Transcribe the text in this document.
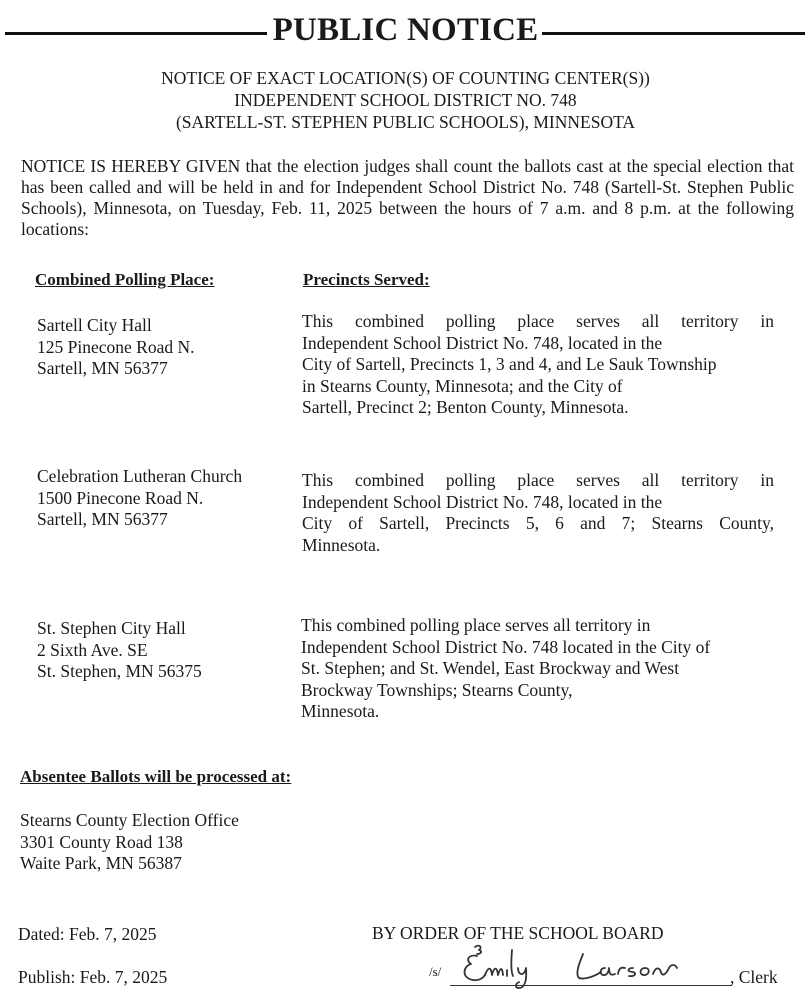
PUBLIC NOTICE
NOTICE OF EXACT LOCATION(S) OF COUNTING CENTER(S))
INDEPENDENT SCHOOL DISTRICT NO. 748
(SARTELL-ST. STEPHEN PUBLIC SCHOOLS), MINNESOTA
NOTICE IS HEREBY GIVEN that the election judges shall count the ballots cast at the special election that has been called and will be held in and for Independent School District No. 748 (Sartell-St. Stephen Public Schools), Minnesota, on Tuesday, Feb. 11, 2025 between the hours of 7 a.m. and 8 p.m. at the following locations:
Combined Polling Place:	Precincts Served:
Sartell City Hall
125 Pinecone Road N.
Sartell, MN 56377
This combined polling place serves all territory in
Independent School District No. 748, located in the
City of Sartell, Precincts 1, 3 and 4, and Le Sauk Township
in Stearns County, Minnesota; and the City of
Sartell, Precinct 2; Benton County, Minnesota.
Celebration Lutheran Church
1500 Pinecone Road N.
Sartell, MN 56377
This combined polling place serves all territory in
Independent School District No. 748, located in the
City of Sartell, Precincts 5, 6 and 7; Stearns County,
Minnesota.
St. Stephen City Hall
2 Sixth Ave. SE
St. Stephen, MN 56375
This combined polling place serves all territory in
Independent School District No. 748 located in the City of
St. Stephen; and St. Wendel, East Brockway and West
Brockway Townships; Stearns County,
Minnesota.
Absentee Ballots will be processed at:
Stearns County Election Office
3301 County Road 138
Waite Park, MN 56387
Dated: Feb. 7, 2025
Publish: Feb. 7, 2025
BY ORDER OF THE SCHOOL BOARD
/s/	, Clerk
